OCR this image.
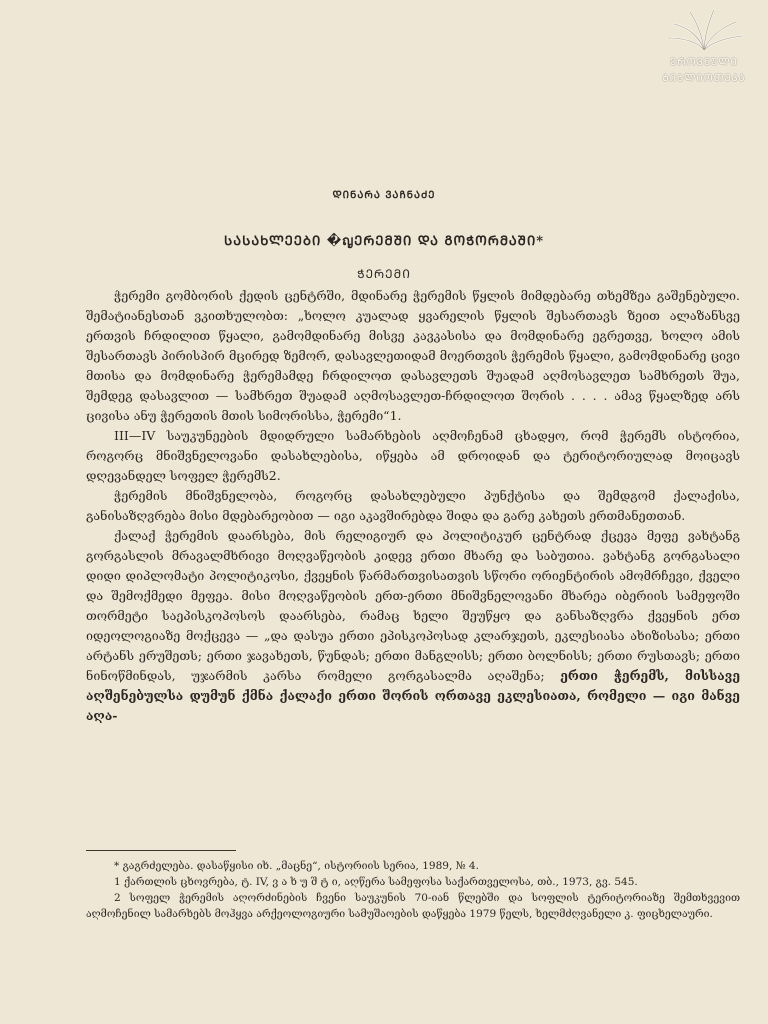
ᲔᲠᲝᲕᲜᲣᲚᲘ
ᲑᲘᲑᲚᲘᲝᲗᲔᲙᲐ
ᲓᲘᲜᲐᲠᲐ ᲕᲐᲩᲜᲐᲫᲔ
ᲡᲐᲡᲐᲮᲚᲔᲔᲑᲘ �ญᲔᲠᲔᲛᲨᲘ ᲓᲐ ᲒᲝᲭᲝᲠᲛᲐᲨᲘ*
ᲭᲔᲠᲔᲛᲘ

ჭერემი გომბორის ქედის ცენტრში, მდინარე ჭერემის წყლის მიმდებარე თხემზეა გაშენებული. შემატიანესთან ვკითხულობთ: „ხოლო კუალად ყვარელის წყლის შესართავს ზეით ალაზანსვე ერთვის ჩრდილით წყალი, გამომდინარე მისვე კავკასისა და მომდინარე ეგრეთვე, ხოლო ამის შესართავს პირისპირ მცირედ ზემორ, დასავლეთიდამ მოერთვის ჭერემის წყალი, გამომდინარე ცივი მთისა და მომდინარე ჭერემამდე ჩრდილოთ დასავლეთს შუადამ აღმოსავლეთ სამხრეთს შუა, შემდეგ დასავლით — სამხრეთ შუადამ აღმოსავლეთ-ჩრდილოთ შორის . . . . ამავ წყალზედ არს ცივისა ანუ ჭერეთის მთის სიმორისსა, ჭერემი“1.

III—IV საუკუნეების მდიდრული სამარხების აღმოჩენამ ცხადყო, რომ ჭერემს ისტორია, როგორც მნიშვნელოვანი დასახლებისა, იწყება ამ დროიდან და ტერიტორიულად მოიცავს დღევანდელ სოფელ ჭერემს2.

ჭერემის მნიშვნელობა, როგორც დასახლებული პუნქტისა და შემდგომ ქალაქისა, განისაზღვრება მისი მდებარეობით — იგი აკავშირებდა შიდა და გარე კახეთს ერთმანეთთან.

ქალაქ ჭერემის დაარსება, მის რელიგიურ და პოლიტიკურ ცენტრად ქცევა მეფე ვახტანგ გორგასლის მრავალმხრივი მოღვაწეობის კიდევ ერთი მხარე და საბუთია. ვახტანგ გორგასალი დიდი დიპლომატი პოლიტიკოსი, ქვეყნის წარმართვისათვის სწორი ორიენტირის ამომრჩევი, ქველი და შემოქმედი მეფეა. მისი მოღვაწეობის ერთ-ერთი მნიშვნელოვანი მხარეა იბერიის სამეფოში თორმეტი საეპისკოპოსოს დაარსება, რამაც ხელი შეუწყო და განსაზღვრა ქვეყნის ერთ იდეოლოგიაზე მოქცევა — „და დასუა ერთი ეპისკოპოსად კლარჯეთს, ეკლესიასა ახიზისასა; ერთი არტანს ერუშეთს; ერთი ჯავახეთს, წუნდას; ერთი მანგლისს; ერთი ბოლნისს; ერთი რუსთავს; ერთი ნინოწმინდას, უჯარმის კარსა რომელი გორგასალმა აღაშენა; ერთი ჭერემს, მისსავე აღშენებულსა დუმუნ ქმნა ქალაქი ერთი შორის ორთავე ეკლესიათა, რომელი — იგი მანვე აღა-

* გაგრძელება. დასაწყისი იხ. „მაცნე“, ისტორიის სერია, 1989, № 4.

1 ქართლის ცხოვრება, ტ. IV, ვ ა ხ უ შ ტ ი, აღწერა სამეფოსა საქართველოსა, თბ., 1973, გვ. 545.

2 სოფელ ჭერემის აღორძინების ჩვენი საუკუნის 70-იან წლებში და სოფლის ტერიტორიაზე შემთხვევით აღმოჩენილ სამარხებს მოჰყვა არქეოლოგიური სამუშაოების დაწყება 1979 წელს, ხელმძღვანელი კ. ფიცხელაური.
